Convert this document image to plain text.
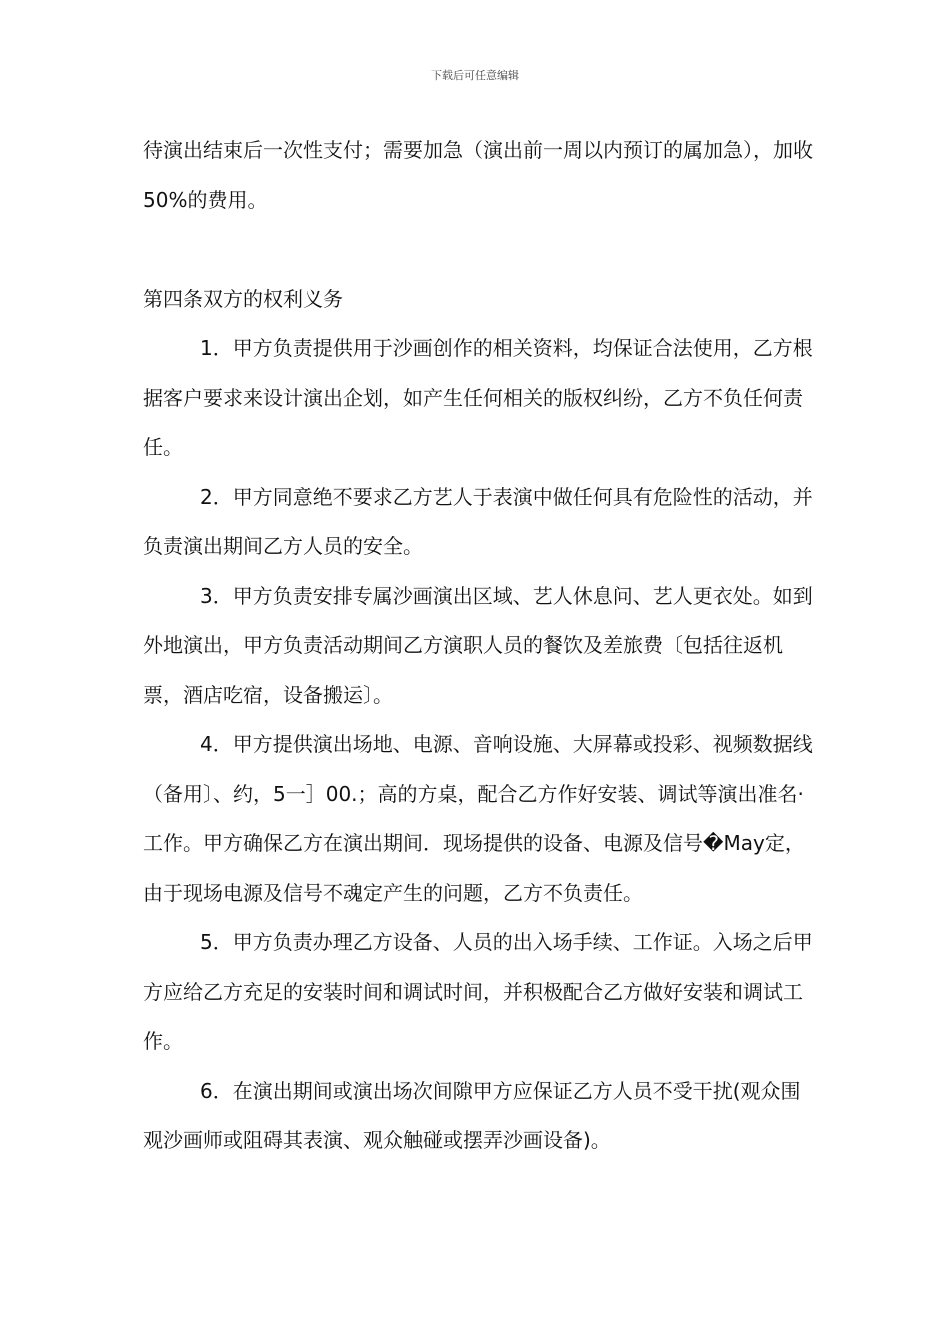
下载后可任意编辑

待演出结束后一次性支付；需要加急（演出前一周以内预订的属加急），加收50%的费用。

第四条双方的权利义务

1．甲方负责提供用于沙画创作的相关资料，均保证合法使用，乙方根据客户要求来设计演出企划，如产生任何相关的版权纠纷，乙方不负任何责任。

2．甲方同意绝不要求乙方艺人于表演中做任何具有危险性的活动，并负责演出期间乙方人员的安全。

3．甲方负责安排专属沙画演出区域、艺人休息问、艺人更衣处。如到外地演出，甲方负责活动期间乙方演职人员的餐饮及差旅费〔包括往返机票，酒店吃宿，设备搬运〕。

4．甲方提供演出场地、电源、音响设施、大屏幕或投彩、视频数据线（备用〕、约，5一］00.；高的方桌，配合乙方作好安装、调试等演出准名·工作。甲方确保乙方在演出期间．现场提供的设备、电源及信号�May定，由于现场电源及信号不魂定产生的问题，乙方不负责任。

5．甲方负责办理乙方设备、人员的出入场手续、工作证。入场之后甲方应给乙方充足的安装时间和调试时间，并积极配合乙方做好安装和调试工作。

6．在演出期间或演出场次间隙甲方应保证乙方人员不受干扰(观众围观沙画师或阻碍其表演、观众触碰或摆弄沙画设备)。
